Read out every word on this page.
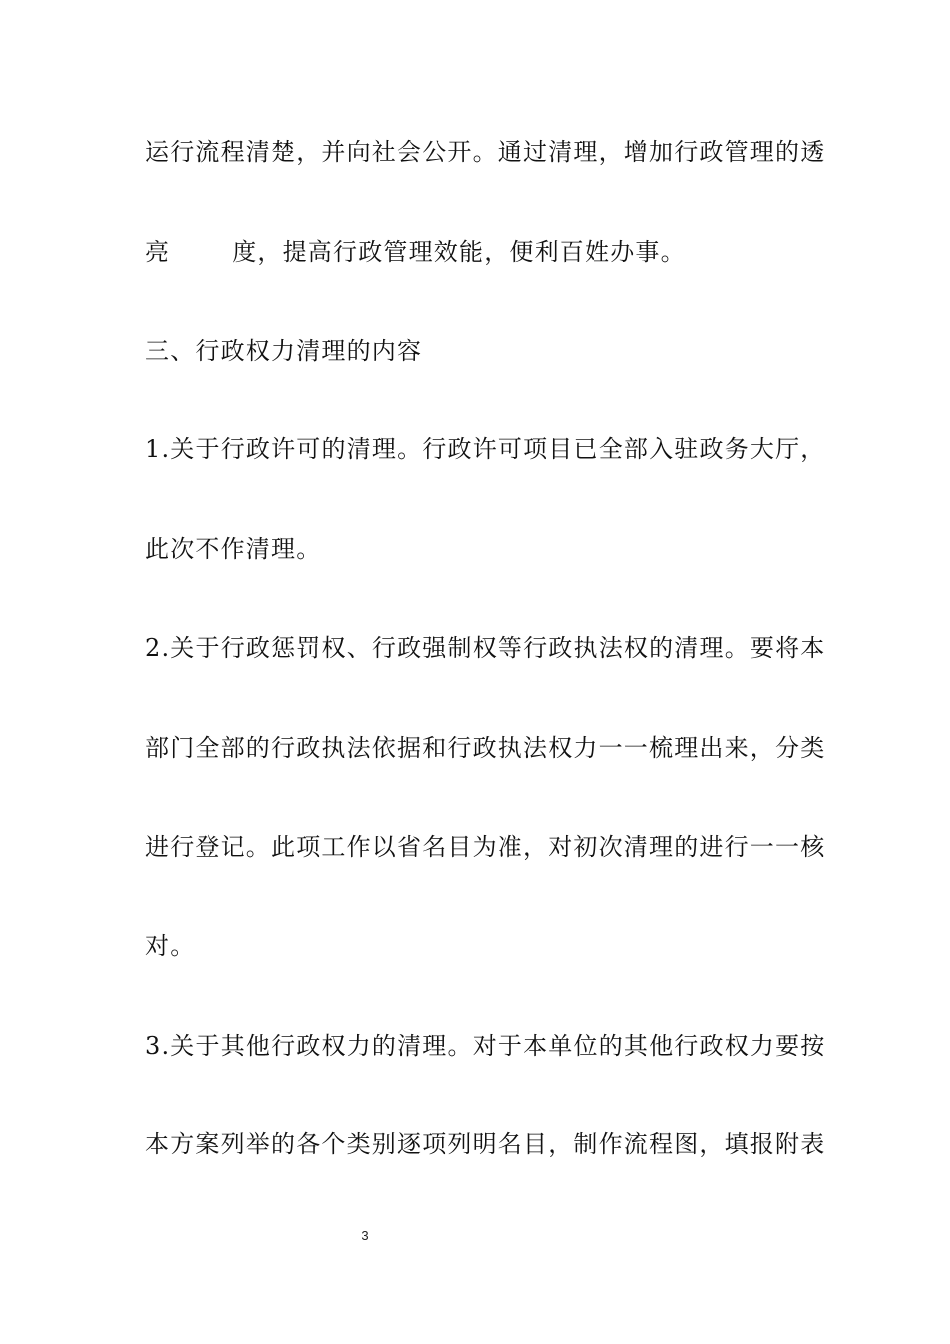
运行流程清楚，并向社会公开。通过清理，增加行政管理的透
亮	度，提高行政管理效能，便利百姓办事。
三、行政权力清理的内容
1.关于行政许可的清理。行政许可项目已全部入驻政务大厅，
此次不作清理。
2.关于行政惩罚权、行政强制权等行政执法权的清理。要将本
部门全部的行政执法依据和行政执法权力一一梳理出来，分类
进行登记。此项工作以省名目为准，对初次清理的进行一一核
对。
3.关于其他行政权力的清理。对于本单位的其他行政权力要按
本方案列举的各个类别逐项列明名目，制作流程图，填报附表
3
